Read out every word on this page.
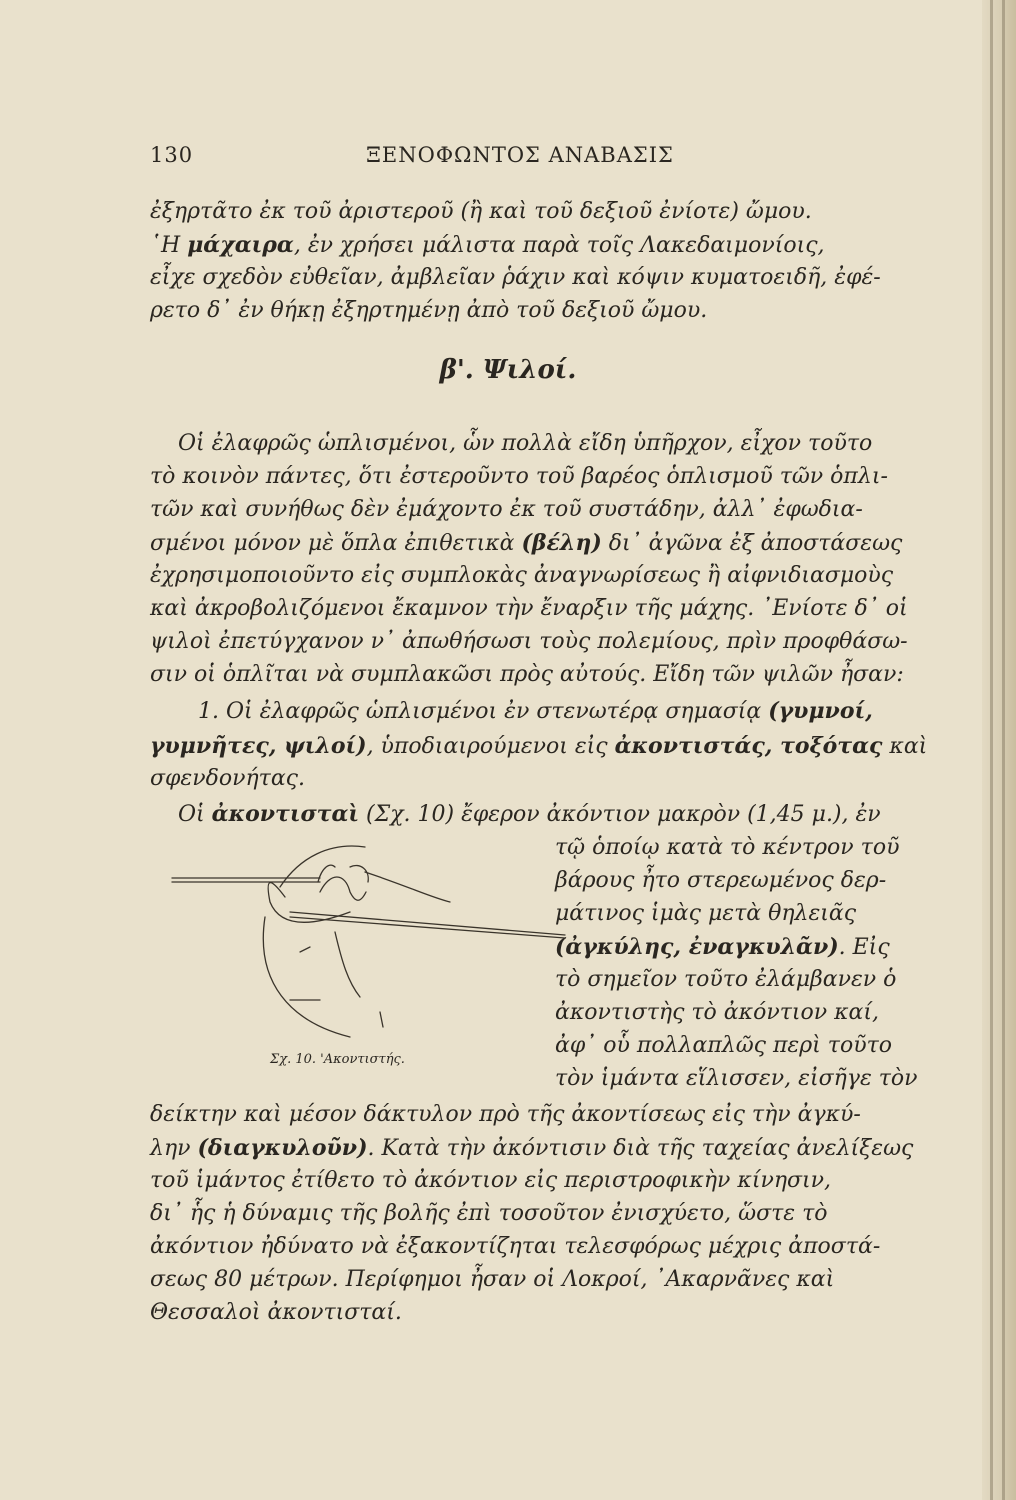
130	ΞΕΝΟΦΩΝΤΟΣ ΑΝΑΒΑΣΙΣ
ἐξηρτᾶτο ἐκ τοῦ ἀριστεροῦ (ἢ καὶ τοῦ δεξιοῦ ἐνίοτε) ὤμου.
῾Η μάχαιρα, ἐν χρήσει μάλιστα παρὰ τοῖς Λακεδαιμονίοις,
εἶχε σχεδὸν εὐθεῖαν, ἀμβλεῖαν ῥάχιν καὶ κόψιν κυματοειδῆ, ἐφέ-
ρετο δ᾽ ἐν θήκῃ ἐξηρτημένῃ ἀπὸ τοῦ δεξιοῦ ὤμου.
β'. Ψιλοί.
Οἱ ἐλαφρῶς ὡπλισμένοι, ὧν πολλὰ εἴδη ὑπῆρχον, εἶχον τοῦτο
τὸ κοινὸν πάντες, ὅτι ἐστεροῦντο τοῦ βαρέος ὁπλισμοῦ τῶν ὁπλι-
τῶν καὶ συνήθως δὲν ἐμάχοντο ἐκ τοῦ συστάδην, ἀλλ᾽ ἐφωδια-
σμένοι μόνον μὲ ὅπλα ἐπιθετικὰ (βέλη) δι᾽ ἀγῶνα ἐξ ἀποστάσεως
ἐχρησιμοποιοῦντο εἰς συμπλοκὰς ἀναγνωρίσεως ἢ αἰφνιδιασμοὺς
καὶ ἀκροβολιζόμενοι ἔκαμνον τὴν ἔναρξιν τῆς μάχης. ᾿Ενίοτε δ᾽ οἱ
ψιλοὶ ἐπετύγχανον ν᾽ ἀπωθήσωσι τοὺς πολεμίους, πρὶν προφθάσω-
σιν οἱ ὁπλῖται νὰ συμπλακῶσι πρὸς αὐτούς. Εἴδη τῶν ψιλῶν ἦσαν:
1. Οἱ ἐλαφρῶς ὡπλισμένοι ἐν στενωτέρᾳ σημασίᾳ (γυμνοί,
γυμνῆτες, ψιλοί), ὑποδιαιρούμενοι εἰς ἀκοντιστάς, τοξότας καὶ
σφενδονήτας.
Οἱ ἀκοντισταὶ (Σχ. 10) ἔφερον ἀκόντιον μακρὸν (1,45 μ.), ἐν
τῷ ὁποίῳ κατὰ τὸ κέντρον τοῦ
βάρους ἦτο στερεωμένος δερ-
μάτινος ἱμὰς μετὰ θηλειᾶς
(ἀγκύλης, ἐναγκυλᾶν). Εἰς
τὸ σημεῖον τοῦτο ἐλάμβανεν ὁ
ἀκοντιστὴς τὸ ἀκόντιον καί,
ἀφ᾽ οὗ πολλαπλῶς περὶ τοῦτο
τὸν ἱμάντα εἵλισσεν, εἰσῆγε τὸν
Σχ. 10. 'Ακοντιστής.
δείκτην καὶ μέσον δάκτυλον πρὸ τῆς ἀκοντίσεως εἰς τὴν ἀγκύ-
λην (διαγκυλοῦν). Κατὰ τὴν ἀκόντισιν διὰ τῆς ταχείας ἀνελίξεως
τοῦ ἱμάντος ἐτίθετο τὸ ἀκόντιον εἰς περιστροφικὴν κίνησιν,
δι᾽ ἧς ἡ δύναμις τῆς βολῆς ἐπὶ τοσοῦτον ἐνισχύετο, ὥστε τὸ
ἀκόντιον ἠδύνατο νὰ ἐξακοντίζηται τελεσφόρως μέχρις ἀποστά-
σεως 80 μέτρων. Περίφημοι ἦσαν οἱ Λοκροί, ᾿Ακαρνᾶνες καὶ
Θεσσαλοὶ ἀκοντισταί.
